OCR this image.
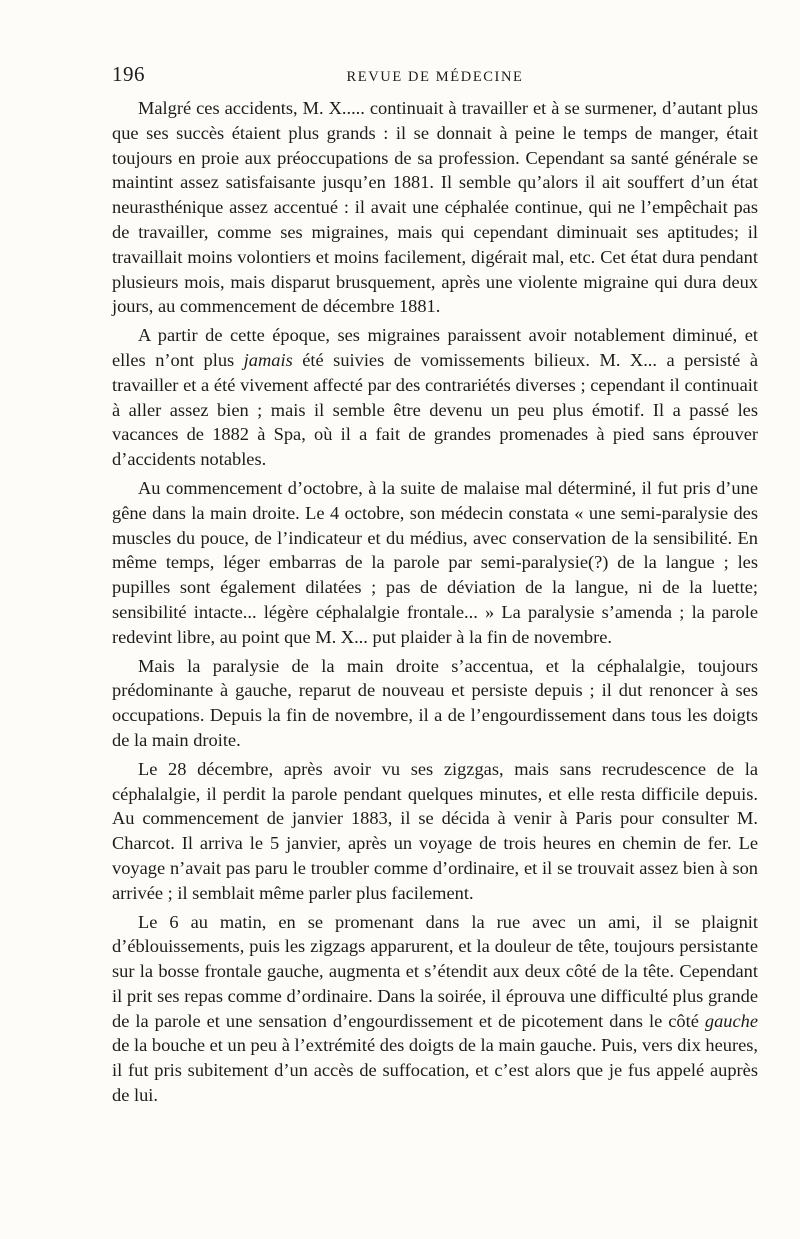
196	REVUE DE MÉDECINE

Malgré ces accidents, M. X..... continuait à travailler et à se surmener, d’autant plus que ses succès étaient plus grands : il se donnait à peine le temps de manger, était toujours en proie aux préoccupations de sa profession. Cependant sa santé générale se maintint assez satisfaisante jusqu’en 1881. Il semble qu’alors il ait souffert d’un état neurasthénique assez accentué : il avait une céphalée continue, qui ne l’empêchait pas de travailler, comme ses migraines, mais qui cependant diminuait ses aptitudes; il travaillait moins volontiers et moins facilement, digérait mal, etc. Cet état dura pendant plusieurs mois, mais disparut brusquement, après une violente migraine qui dura deux jours, au commencement de décembre 1881.

A partir de cette époque, ses migraines paraissent avoir notablement diminué, et elles n’ont plus jamais été suivies de vomissements bilieux. M. X... a persisté à travailler et a été vivement affecté par des contrariétés diverses ; cependant il continuait à aller assez bien ; mais il semble être devenu un peu plus émotif. Il a passé les vacances de 1882 à Spa, où il a fait de grandes promenades à pied sans éprouver d’accidents notables.

Au commencement d’octobre, à la suite de malaise mal déterminé, il fut pris d’une gêne dans la main droite. Le 4 octobre, son médecin constata « une semi-paralysie des muscles du pouce, de l’indicateur et du médius, avec conservation de la sensibilité. En même temps, léger embarras de la parole par semi-paralysie(?) de la langue ; les pupilles sont également dilatées ; pas de déviation de la langue, ni de la luette; sensibilité intacte... légère céphalalgie frontale... » La paralysie s’amenda ; la parole redevint libre, au point que M. X... put plaider à la fin de novembre.

Mais la paralysie de la main droite s’accentua, et la céphalalgie, toujours prédominante à gauche, reparut de nouveau et persiste depuis ; il dut renoncer à ses occupations. Depuis la fin de novembre, il a de l’engourdissement dans tous les doigts de la main droite.

Le 28 décembre, après avoir vu ses zigzgas, mais sans recrudescence de la céphalalgie, il perdit la parole pendant quelques minutes, et elle resta difficile depuis. Au commencement de janvier 1883, il se décida à venir à Paris pour consulter M. Charcot. Il arriva le 5 janvier, après un voyage de trois heures en chemin de fer. Le voyage n’avait pas paru le troubler comme d’ordinaire, et il se trouvait assez bien à son arrivée ; il semblait même parler plus facilement.

Le 6 au matin, en se promenant dans la rue avec un ami, il se plaignit d’éblouissements, puis les zigzags apparurent, et la douleur de tête, toujours persistante sur la bosse frontale gauche, augmenta et s’étendit aux deux côté de la tête. Cependant il prit ses repas comme d’ordinaire. Dans la soirée, il éprouva une difficulté plus grande de la parole et une sensation d’engourdissement et de picotement dans le côté gauche de la bouche et un peu à l’extrémité des doigts de la main gauche. Puis, vers dix heures, il fut pris subitement d’un accès de suffocation, et c’est alors que je fus appelé auprès de lui.
